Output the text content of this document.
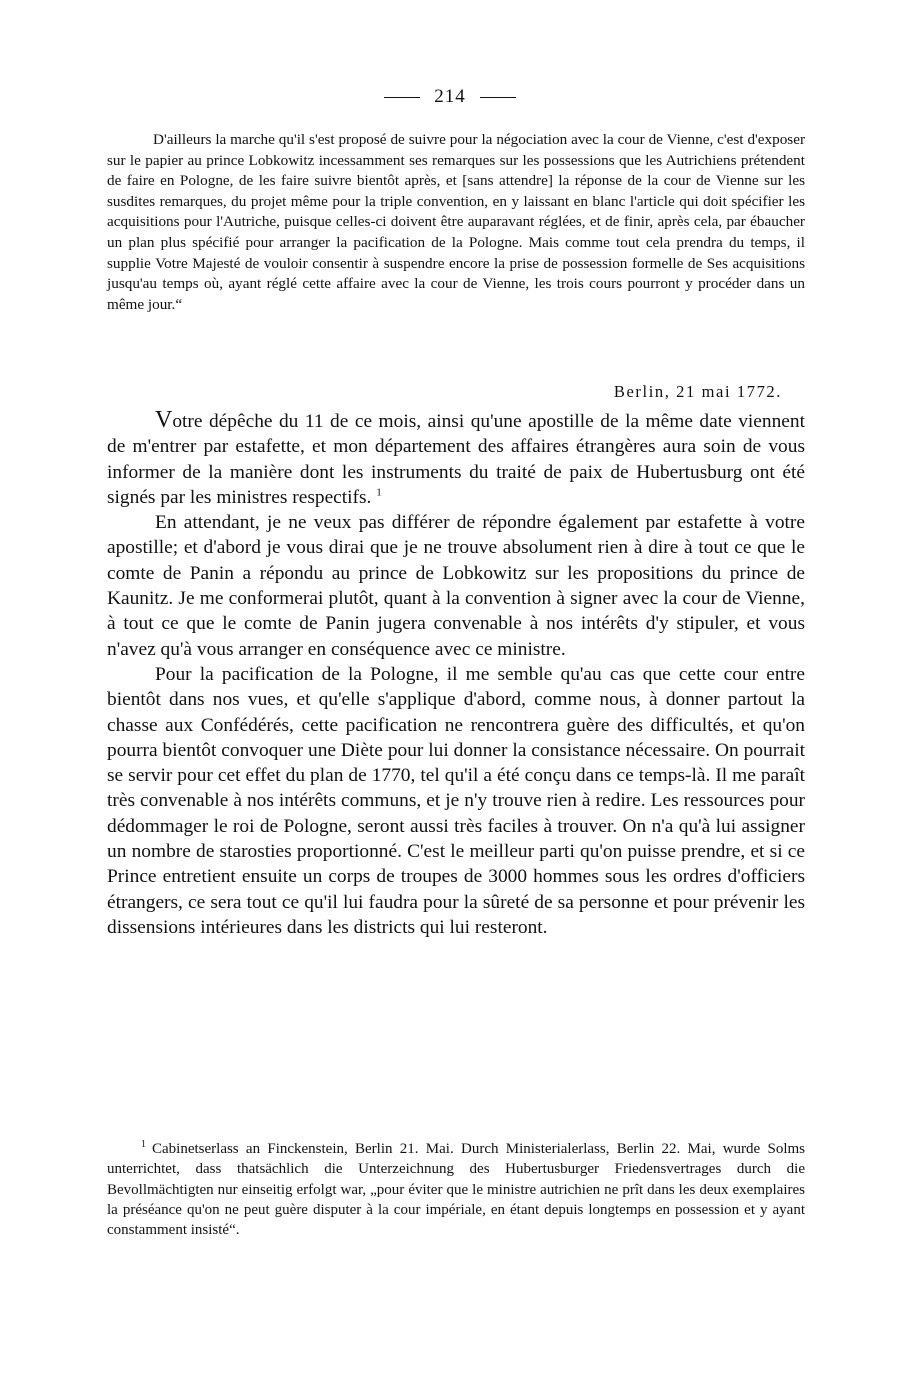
214

D'ailleurs la marche qu'il s'est proposé de suivre pour la négociation avec la cour de Vienne, c'est d'exposer sur le papier au prince Lobkowitz incessamment ses remarques sur les possessions que les Autrichiens prétendent de faire en Pologne, de les faire suivre bientôt après, et [sans attendre] la réponse de la cour de Vienne sur les susdites remarques, du projet même pour la triple convention, en y laissant en blanc l'article qui doit spécifier les acquisitions pour l'Autriche, puisque celles-ci doivent être auparavant réglées, et de finir, après cela, par ébaucher un plan plus spécifié pour arranger la pacification de la Pologne. Mais comme tout cela prendra du temps, il supplie Votre Majesté de vouloir consentir à suspendre encore la prise de possession formelle de Ses acquisitions jusqu'au temps où, ayant réglé cette affaire avec la cour de Vienne, les trois cours pourront y procéder dans un même jour.“

Berlin, 21 mai 1772.

Votre dépêche du 11 de ce mois, ainsi qu'une apostille de la même date viennent de m'entrer par estafette, et mon département des affaires étrangères aura soin de vous informer de la manière dont les instruments du traité de paix de Hubertusburg ont été signés par les ministres respectifs. $^1$

En attendant, je ne veux pas différer de répondre également par estafette à votre apostille; et d'abord je vous dirai que je ne trouve absolument rien à dire à tout ce que le comte de Panin a répondu au prince de Lobkowitz sur les propositions du prince de Kaunitz. Je me conformerai plutôt, quant à la convention à signer avec la cour de Vienne, à tout ce que le comte de Panin jugera convenable à nos intérêts d'y stipuler, et vous n'avez qu'à vous arranger en conséquence avec ce ministre.

Pour la pacification de la Pologne, il me semble qu'au cas que cette cour entre bientôt dans nos vues, et qu'elle s'applique d'abord, comme nous, à donner partout la chasse aux Confédérés, cette pacification ne rencontrera guère des difficultés, et qu'on pourra bientôt convoquer une Diète pour lui donner la consistance nécessaire. On pourrait se servir pour cet effet du plan de 1770, tel qu'il a été conçu dans ce temps-là. Il me paraît très convenable à nos intérêts communs, et je n'y trouve rien à redire. Les ressources pour dédommager le roi de Pologne, seront aussi très faciles à trouver. On n'a qu'à lui assigner un nombre de starosties proportionné. C'est le meilleur parti qu'on puisse prendre, et si ce Prince entretient ensuite un corps de troupes de 3000 hommes sous les ordres d'officiers étrangers, ce sera tout ce qu'il lui faudra pour la sûreté de sa personne et pour prévenir les dissensions intérieures dans les districts qui lui resteront.

$^1$ Cabinetserlass an Finckenstein, Berlin 21. Mai. Durch Ministerialerlass, Berlin 22. Mai, wurde Solms unterrichtet, dass thatsächlich die Unterzeichnung des Hubertusburger Friedensvertrages durch die Bevollmächtigten nur einseitig erfolgt war, „pour éviter que le ministre autrichien ne prît dans les deux exemplaires la préséance qu'on ne peut guère disputer à la cour impériale, en étant depuis longtemps en possession et y ayant constamment insisté“.
